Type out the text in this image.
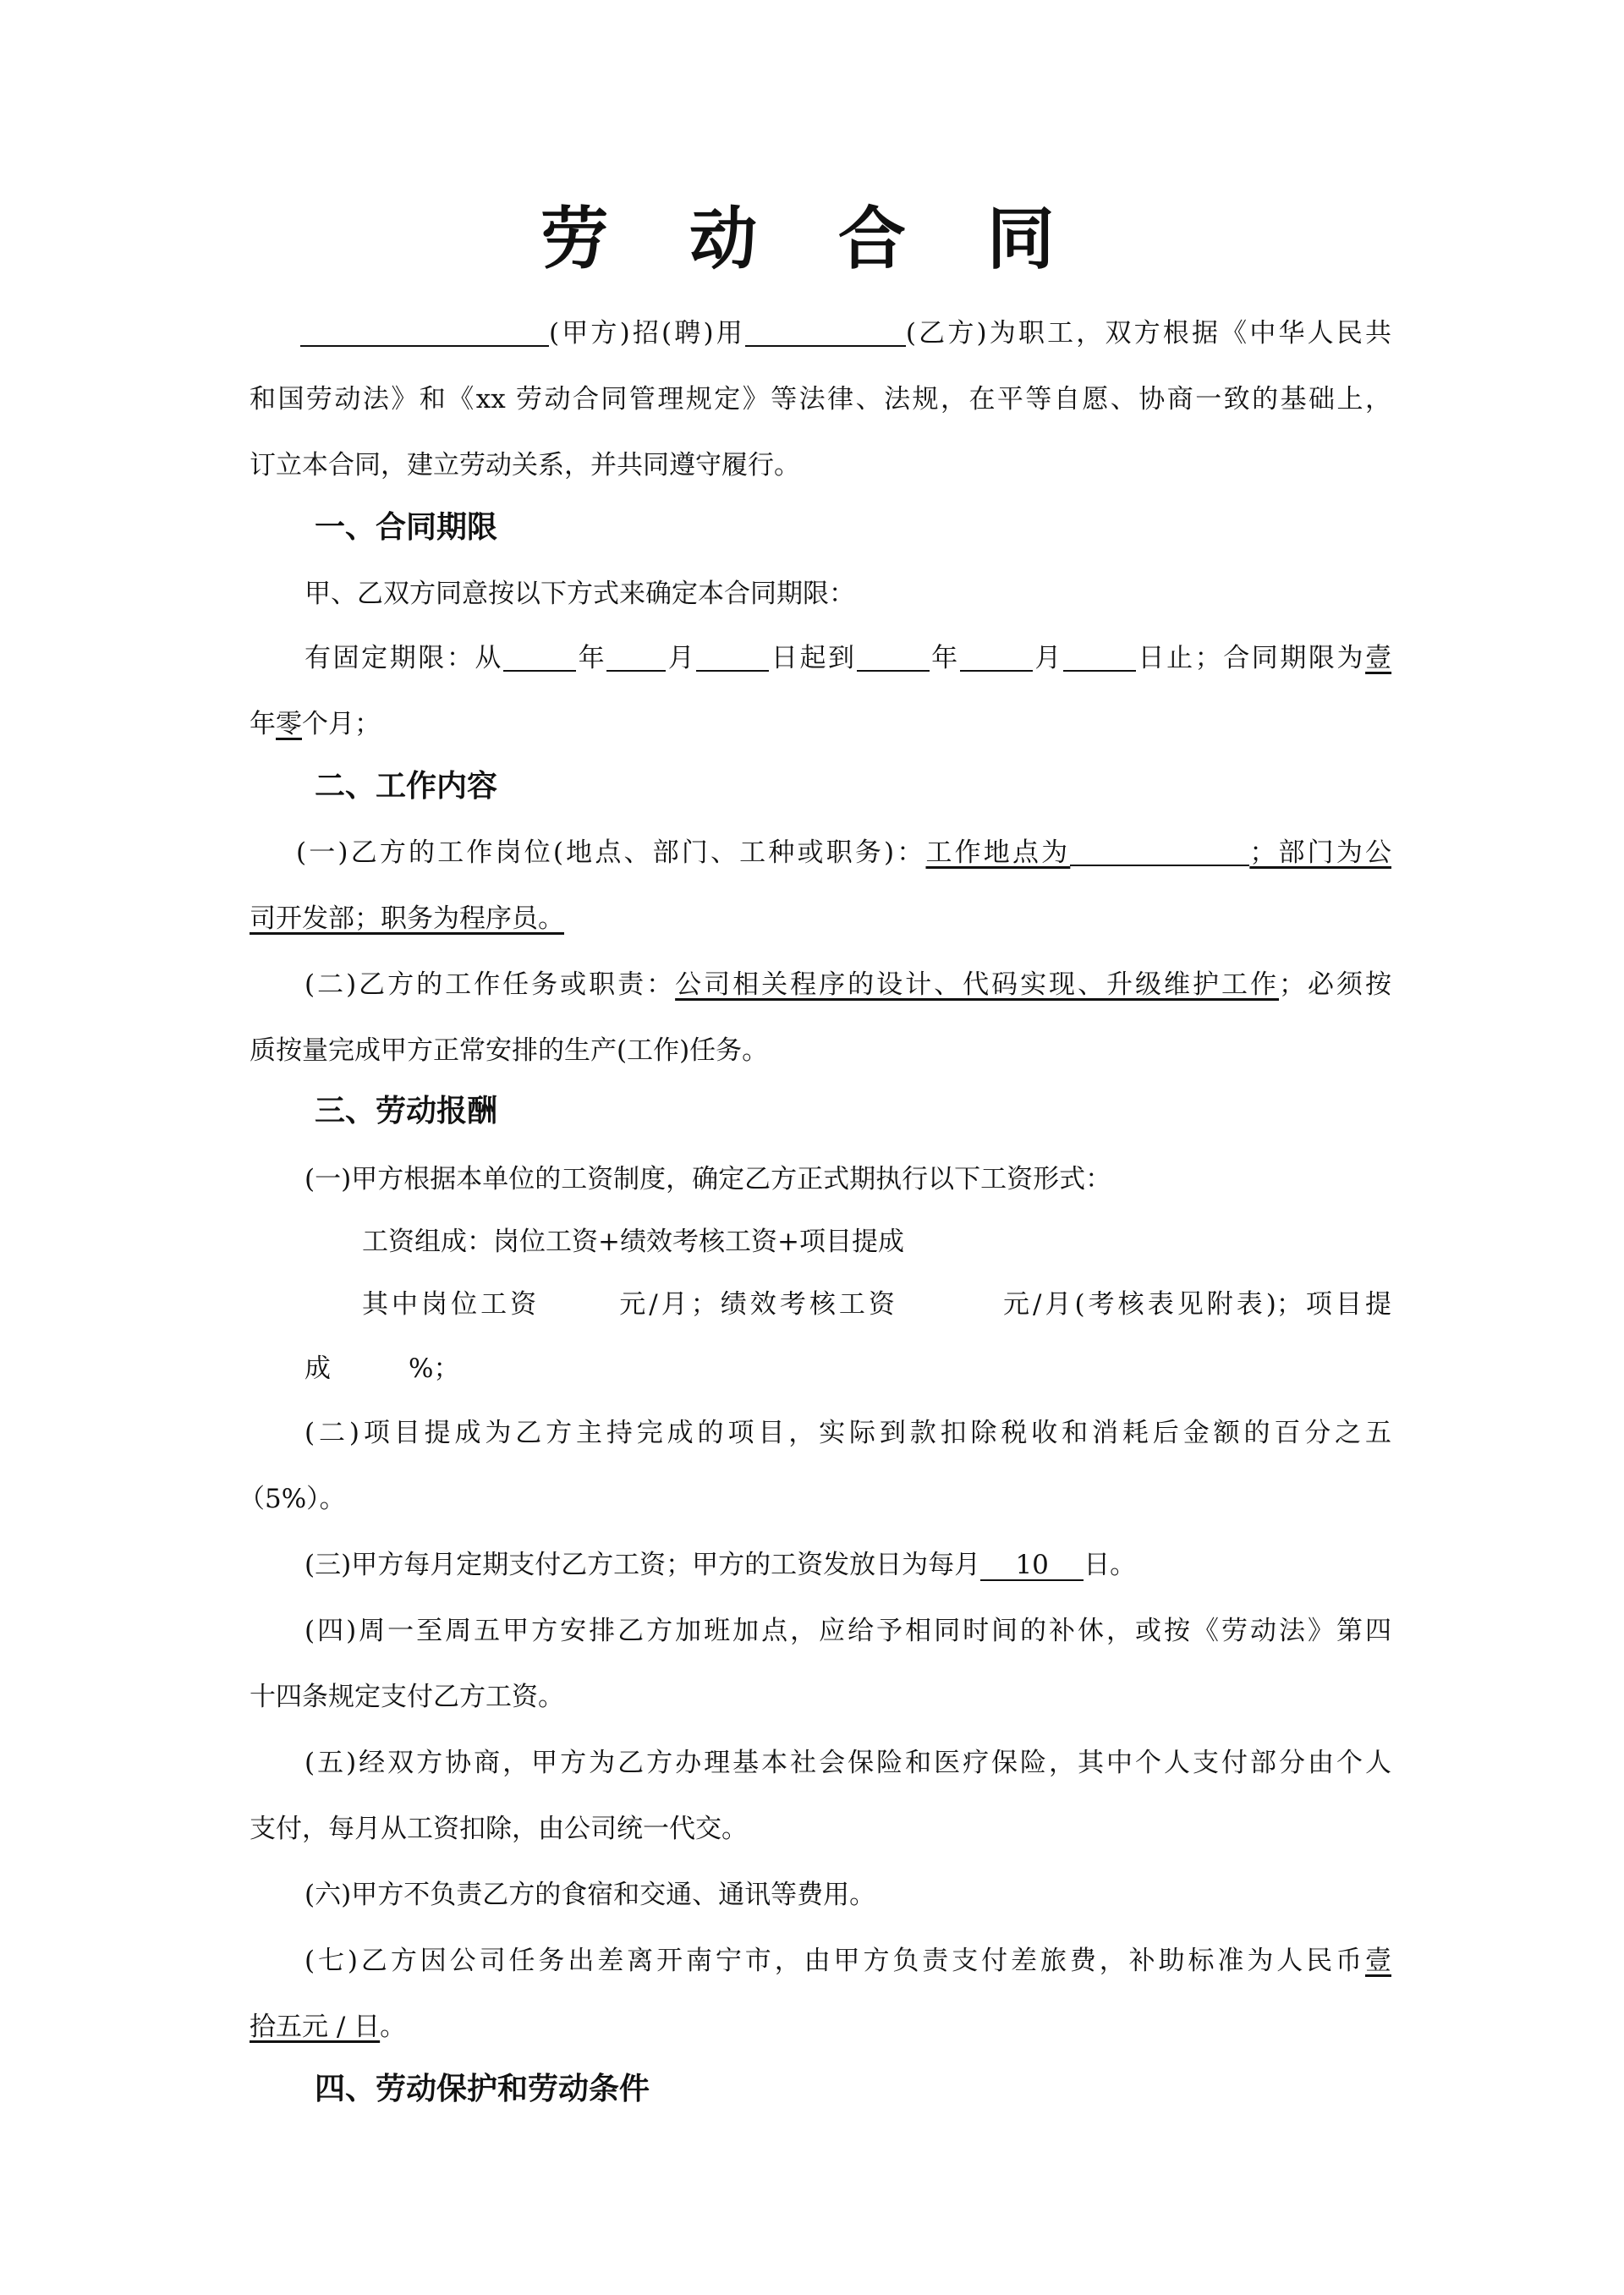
劳 动 合 同
(甲方)招(聘)用	(乙方)为职工，双方根据《中华人民共
和国劳动法》和《xx 劳动合同管理规定》等法律、法规，在平等自愿、协商一致的基础上，
订立本合同，建立劳动关系，并共同遵守履行。
一、合同期限
甲、乙双方同意按以下方式来确定本合同期限：
有固定期限：从	年 月	日起到	年	月	日止；合同期限为壹
年零个月；
二、工作内容
(一)乙方的工作岗位(地点、部门、工种或职务)：工作地点为	；部门为公
司开发部；职务为程序员。
(二)乙方的工作任务或职责：公司相关程序的设计、代码实现、升级维护工作；必须按
质按量完成甲方正常安排的生产(工作)任务。
三、劳动报酬
(一)甲方根据本单位的工资制度，确定乙方正式期执行以下工资形式：
工资组成：岗位工资+绩效考核工资+项目提成
其中岗位工资	元/月；绩效考核工资	元/月(考核表见附表)；项目提
成	%；
(二)项目提成为乙方主持完成的项目，实际到款扣除税收和消耗后金额的百分之五
（5%）。
(三)甲方每月定期支付乙方工资；甲方的工资发放日为每月 10 日。
(四)周一至周五甲方安排乙方加班加点，应给予相同时间的补休，或按《劳动法》第四
十四条规定支付乙方工资。
(五)经双方协商，甲方为乙方办理基本社会保险和医疗保险，其中个人支付部分由个人
支付，每月从工资扣除，由公司统一代交。
(六)甲方不负责乙方的食宿和交通、通讯等费用。
(七)乙方因公司任务出差离开南宁市，由甲方负责支付差旅费，补助标准为人民币壹
拾五元 / 日。
四、劳动保护和劳动条件
